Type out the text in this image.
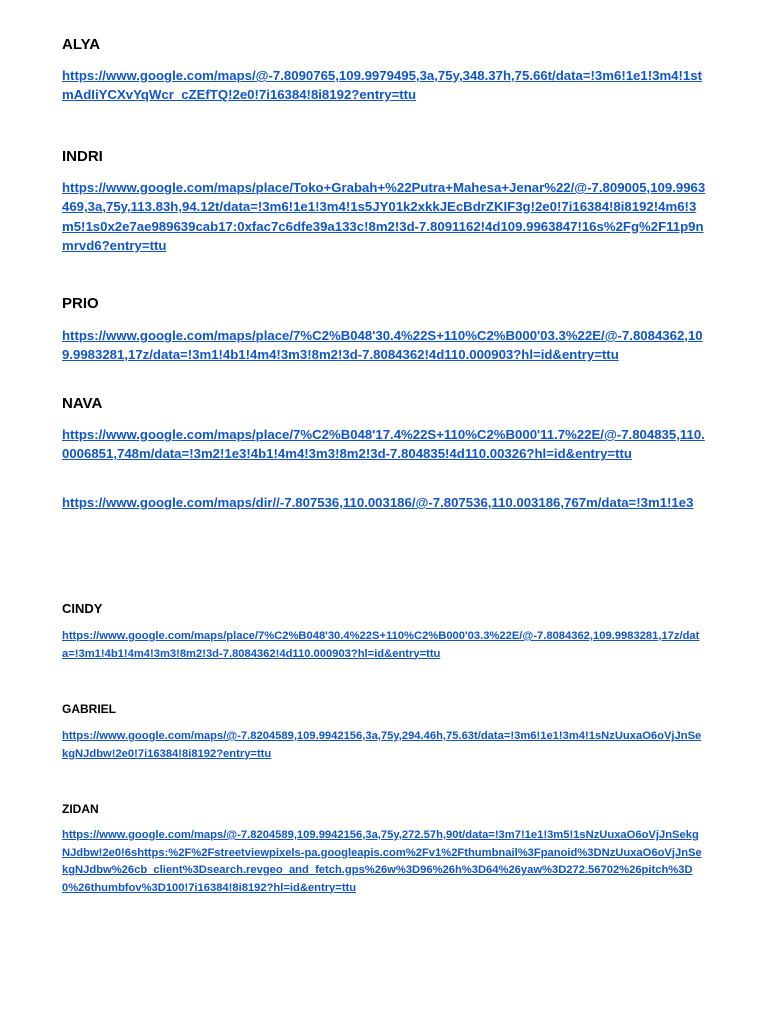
ALYA
https://www.google.com/maps/@-7.8090765,109.9979495,3a,75y,348.37h,75.66t/data=!3m6!1e1!3m4!1stmAdIiYCXvYqWcr_cZEfTQ!2e0!7i16384!8i8192?entry=ttu
INDRI
https://www.google.com/maps/place/Toko+Grabah+%22Putra+Mahesa+Jenar%22/@-7.809005,109.9963469,3a,75y,113.83h,94.12t/data=!3m6!1e1!3m4!1s5JY01k2xkkJEcBdrZKIF3g!2e0!7i16384!8i8192!4m6!3m5!1s0x2e7ae989639cab17:0xfac7c6dfe39a133c!8m2!3d-7.8091162!4d109.9963847!16s%2Fg%2F11p9nmrvd6?entry=ttu
PRIO
https://www.google.com/maps/place/7%C2%B048'30.4%22S+110%C2%B000'03.3%22E/@-7.8084362,109.9983281,17z/data=!3m1!4b1!4m4!3m3!8m2!3d-7.8084362!4d110.000903?hl=id&entry=ttu
NAVA
https://www.google.com/maps/place/7%C2%B048'17.4%22S+110%C2%B000'11.7%22E/@-7.804835,110.0006851,748m/data=!3m2!1e3!4b1!4m4!3m3!8m2!3d-7.804835!4d110.00326?hl=id&entry=ttu
https://www.google.com/maps/dir//-7.807536,110.003186/@-7.807536,110.003186,767m/data=!3m1!1e3
CINDY
https://www.google.com/maps/place/7%C2%B048'30.4%22S+110%C2%B000'03.3%22E/@-7.8084362,109.9983281,17z/data=!3m1!4b1!4m4!3m3!8m2!3d-7.8084362!4d110.000903?hl=id&entry=ttu
GABRIEL
https://www.google.com/maps/@-7.8204589,109.9942156,3a,75y,294.46h,75.63t/data=!3m6!1e1!3m4!1sNzUuxaO6oVjJnSekgNJdbw!2e0!7i16384!8i8192?entry=ttu
ZIDAN
https://www.google.com/maps/@-7.8204589,109.9942156,3a,75y,272.57h,90t/data=!3m7!1e1!3m5!1sNzUuxaO6oVjJnSekgNJdbw!2e0!6shttps:%2F%2Fstreetviewpixels-pa.googleapis.com%2Fv1%2Fthumbnail%3Fpanoid%3DNzUuxaO6oVjJnSekgNJdbw%26cb_client%3Dsearch.revgeo_and_fetch.gps%26w%3D96%26h%3D64%26yaw%3D272.56702%26pitch%3D0%26thumbfov%3D100!7i16384!8i8192?hl=id&entry=ttu
